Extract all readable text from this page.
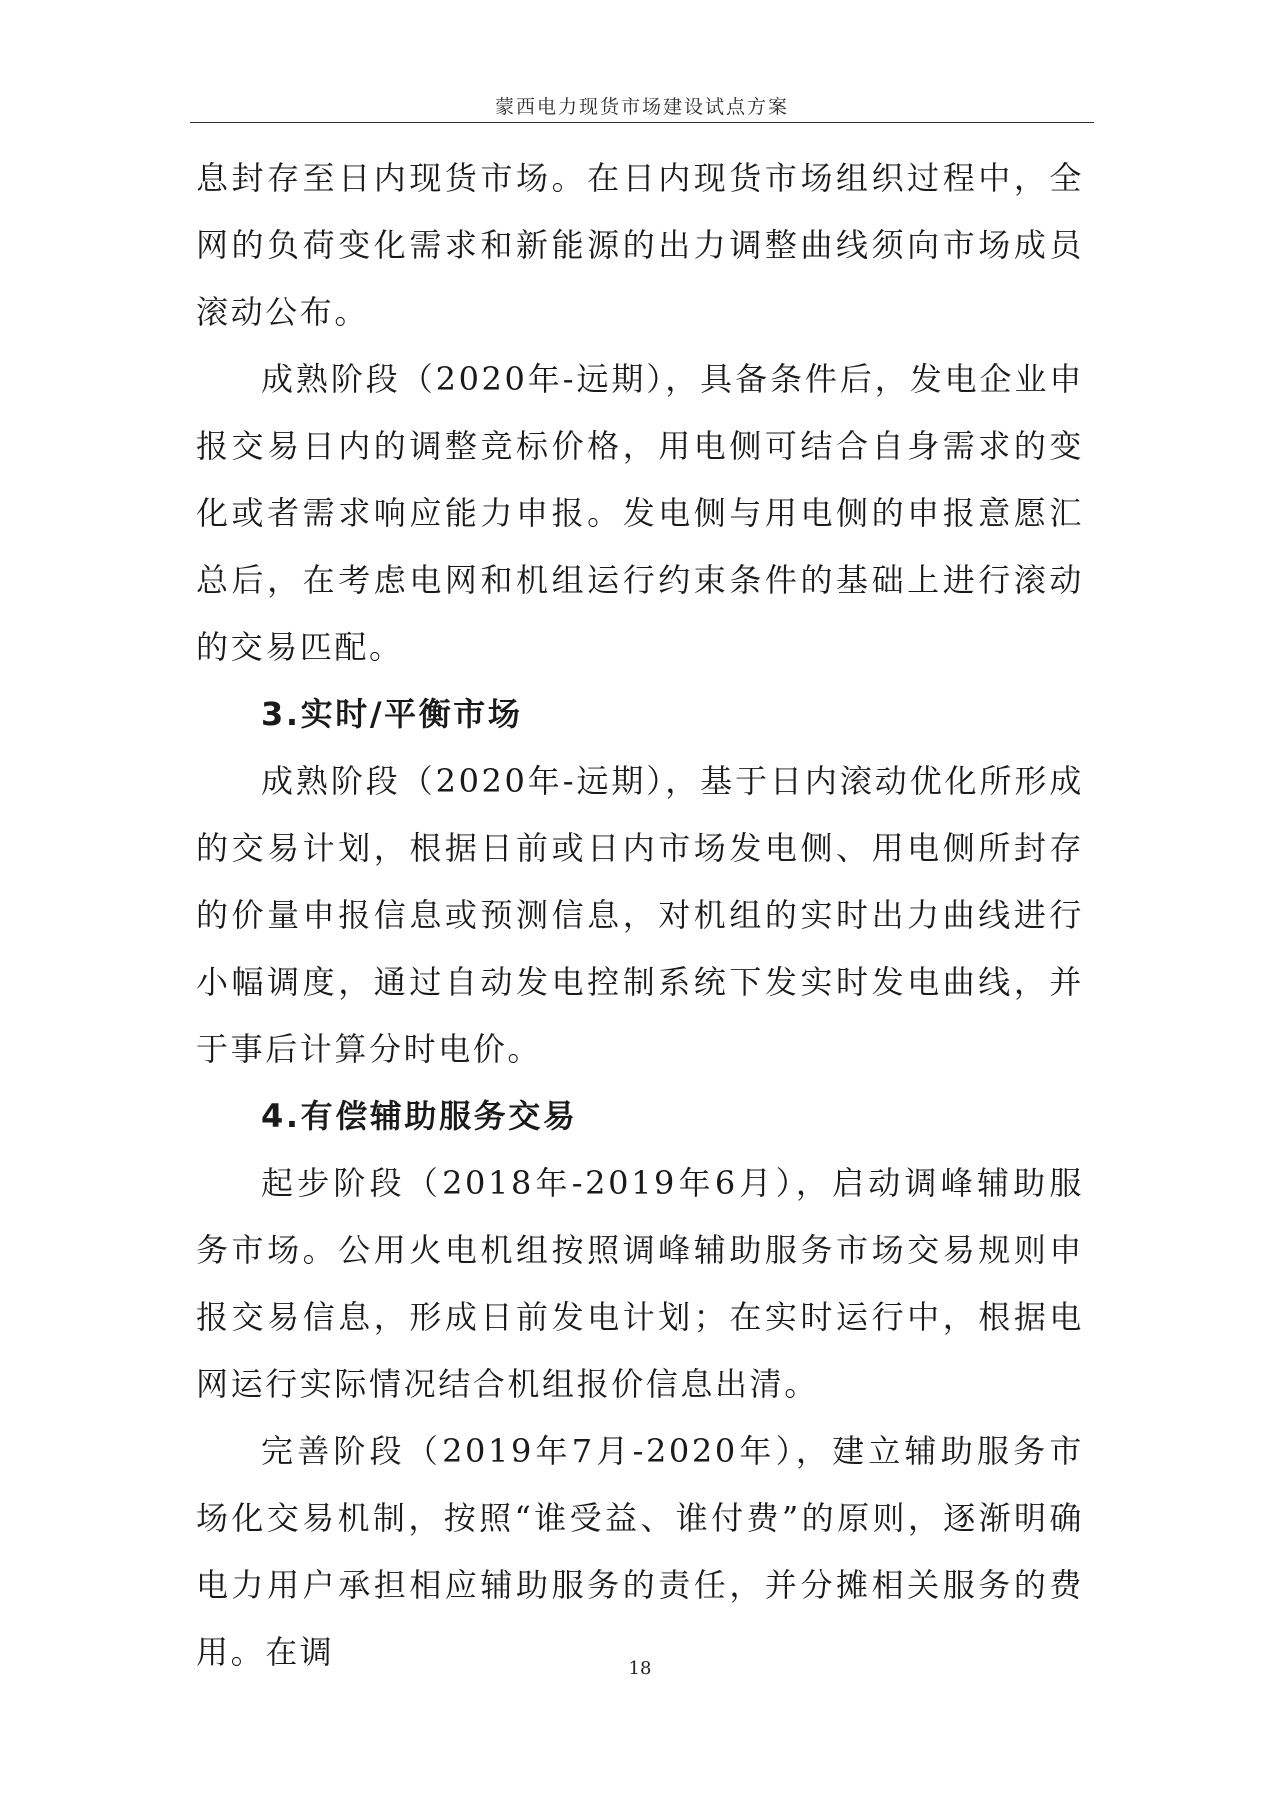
蒙西电力现货市场建设试点方案

息封存至日内现货市场。在日内现货市场组织过程中，全网的负荷变化需求和新能源的出力调整曲线须向市场成员滚动公布。

成熟阶段（2020年-远期），具备条件后，发电企业申报交易日内的调整竞标价格，用电侧可结合自身需求的变化或者需求响应能力申报。发电侧与用电侧的申报意愿汇总后，在考虑电网和机组运行约束条件的基础上进行滚动的交易匹配。

3.实时/平衡市场

成熟阶段（2020年-远期），基于日内滚动优化所形成的交易计划，根据日前或日内市场发电侧、用电侧所封存的价量申报信息或预测信息，对机组的实时出力曲线进行小幅调度，通过自动发电控制系统下发实时发电曲线，并于事后计算分时电价。

4.有偿辅助服务交易

起步阶段（2018年-2019年6月），启动调峰辅助服务市场。公用火电机组按照调峰辅助服务市场交易规则申报交易信息，形成日前发电计划；在实时运行中，根据电网运行实际情况结合机组报价信息出清。

完善阶段（2019年7月-2020年），建立辅助服务市场化交易机制，按照“谁受益、谁付费”的原则，逐渐明确电力用户承担相应辅助服务的责任，并分摊相关服务的费用。在调	18
